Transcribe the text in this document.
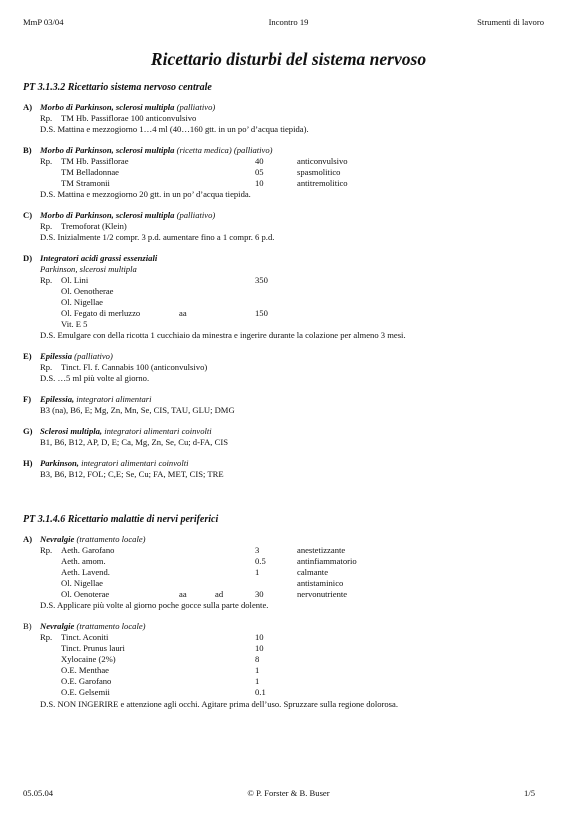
MmP 03/04	Incontro 19	Strumenti di lavoro
Ricettario disturbi del sistema nervoso
PT 3.1.3.2 Ricettario sistema nervoso centrale
A) Morbo di Parkinson, sclerosi multipla (palliativo)
Rp. TM Hb. Passiflorae 100 anticonvulsivo
D.S. Mattina e mezzogiorno 1…4 ml (40…160 gtt. in un po’ d’acqua tiepida).
B) Morbo di Parkinson, sclerosi multipla (ricetta medica) (palliativo)
Rp. TM Hb. Passiflorae	40	anticonvulsivo
TM Belladonnae	05	spasmolitico
TM Stramonii	10	antitremolitico
D.S. Mattina e mezzogiorno 20 gtt. in un po’ d’acqua tiepida.
C) Morbo di Parkinson, sclerosi multipla (palliativo)
Rp. Tremoforat (Klein)
D.S. Inizialmente 1/2 compr. 3 p.d. aumentare fino a 1 compr. 6 p.d.
D) Integratori acidi grassi essenziali
Parkinson, slcerosi multipla
Rp. Ol. Lini	350
Ol. Oenotherae
Ol. Nigellae
Ol. Fegato di merluzzo	aa	150
Vit. E 5
D.S. Emulgare con della ricotta 1 cucchiaio da minestra e ingerire durante la colazione per almeno 3 mesi.
E) Epilessia (palliativo)
Rp. Tinct. Fl. f. Cannabis 100 (anticonvulsivo)
D.S. …5 ml più volte al giorno.
F) Epilessia, integratori alimentari
B3 (na), B6, E; Mg, Zn, Mn, Se, CIS, TAU, GLU; DMG
G) Sclerosi multipla, integratori alimentari coinvolti
B1, B6, B12, AP, D, E; Ca, Mg, Zn, Se, Cu; d-FA, CIS
H) Parkinson, integratori alimentari coinvolti
B3, B6, B12, FOL; C,E; Se, Cu; FA, MET, CIS; TRE
PT 3.1.4.6 Ricettario malattie di nervi periferici
A) Nevralgie (trattamento locale)
Rp. Aeth. Garofano	3	anestetizzante
Aeth. amom.	0.5	antinfiammatorio
Aeth. Lavend.	1	calmante
Ol. Nigellae	antistaminico
Ol. Oenoterae	aa	ad	30	nervonutriente
D.S. Applicare più volte al giorno poche gocce sulla parte dolente.
B) Nevralgie (trattamento locale)
Rp. Tinct. Aconiti	10
Tinct. Prunus lauri	10
Xylocaine (2%)	8
O.E. Menthae	1
O.E. Garofano	1
O.E. Gelsemii	0.1
D.S. NON INGERIRE e attenzione agli occhi. Agitare prima dell’uso. Spruzzare sulla regione dolorosa.
05.05.04	© P. Forster & B. Buser	1/5
